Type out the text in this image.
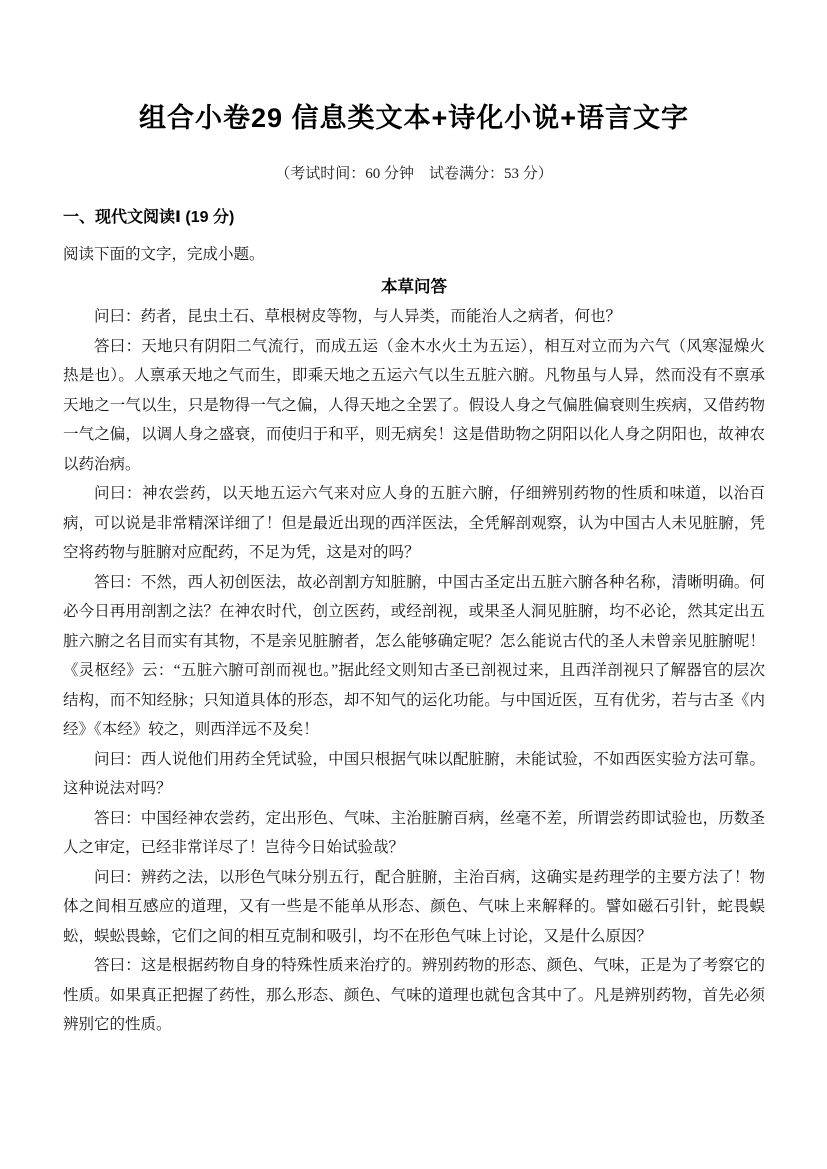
组合小卷29 信息类文本+诗化小说+语言文字
（考试时间：60 分钟　试卷满分：53 分）
一、现代文阅读Ⅰ (19 分)
阅读下面的文字，完成小题。
本草问答

问曰：药者，昆虫土石、草根树皮等物，与人异类，而能治人之病者，何也？

答曰：天地只有阴阳二气流行，而成五运（金木水火土为五运），相互对立而为六气（风寒湿燥火热是也）。人禀承天地之气而生，即乘天地之五运六气以生五脏六腑。凡物虽与人异，然而没有不禀承天地之一气以生，只是物得一气之偏，人得天地之全罢了。假设人身之气偏胜偏衰则生疾病，又借药物一气之偏，以调人身之盛衰，而使归于和平，则无病矣！这是借助物之阴阳以化人身之阴阳也，故神农以药治病。

问曰：神农尝药，以天地五运六气来对应人身的五脏六腑，仔细辨别药物的性质和味道，以治百病，可以说是非常精深详细了！但是最近出现的西洋医法，全凭解剖观察，认为中国古人未见脏腑，凭空将药物与脏腑对应配药，不足为凭，这是对的吗？

答曰：不然，西人初创医法，故必剖割方知脏腑，中国古圣定出五脏六腑各种名称，清晰明确。何必今日再用剖割之法？在神农时代，创立医药，或经剖视，或果圣人洞见脏腑，均不必论，然其定出五脏六腑之名目而实有其物，不是亲见脏腑者，怎么能够确定呢？怎么能说古代的圣人未曾亲见脏腑呢！《灵枢经》云：“五脏六腑可剖而视也。”据此经文则知古圣已剖视过来，且西洋剖视只了解器官的层次结构，而不知经脉；只知道具体的形态，却不知气的运化功能。与中国近医，互有优劣，若与古圣《内经》《本经》较之，则西洋远不及矣！

问曰：西人说他们用药全凭试验，中国只根据气味以配脏腑，未能试验，不如西医实验方法可靠。这种说法对吗？

答曰：中国经神农尝药，定出形色、气味、主治脏腑百病，丝毫不差，所谓尝药即试验也，历数圣人之审定，已经非常详尽了！岂待今日始试验哉？

问曰：辨药之法，以形色气味分别五行，配合脏腑，主治百病，这确实是药理学的主要方法了！物体之间相互感应的道理，又有一些是不能单从形态、颜色、气味上来解释的。譬如磁石引针，蛇畏蜈蚣，蜈蚣畏蜍，它们之间的相互克制和吸引，均不在形色气味上讨论，又是什么原因？

答曰：这是根据药物自身的特殊性质来治疗的。辨别药物的形态、颜色、气味，正是为了考察它的性质。如果真正把握了药性，那么形态、颜色、气味的道理也就包含其中了。凡是辨别药物，首先必须辨别它的性质。
